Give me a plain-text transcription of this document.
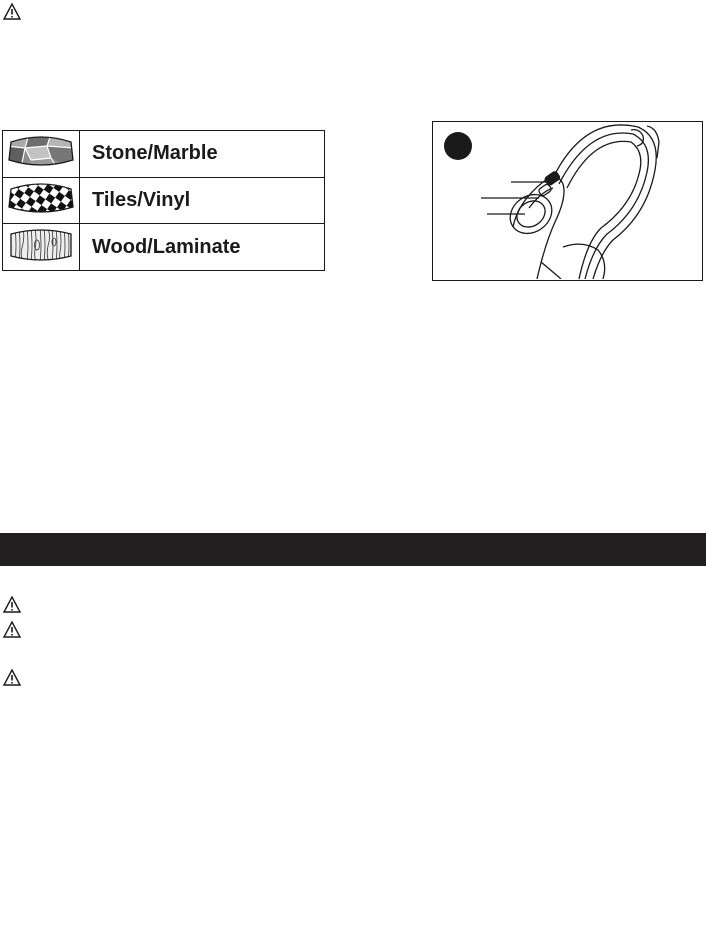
	Stone/Marble
	Tiles/Vinyl
	Wood/Laminate
